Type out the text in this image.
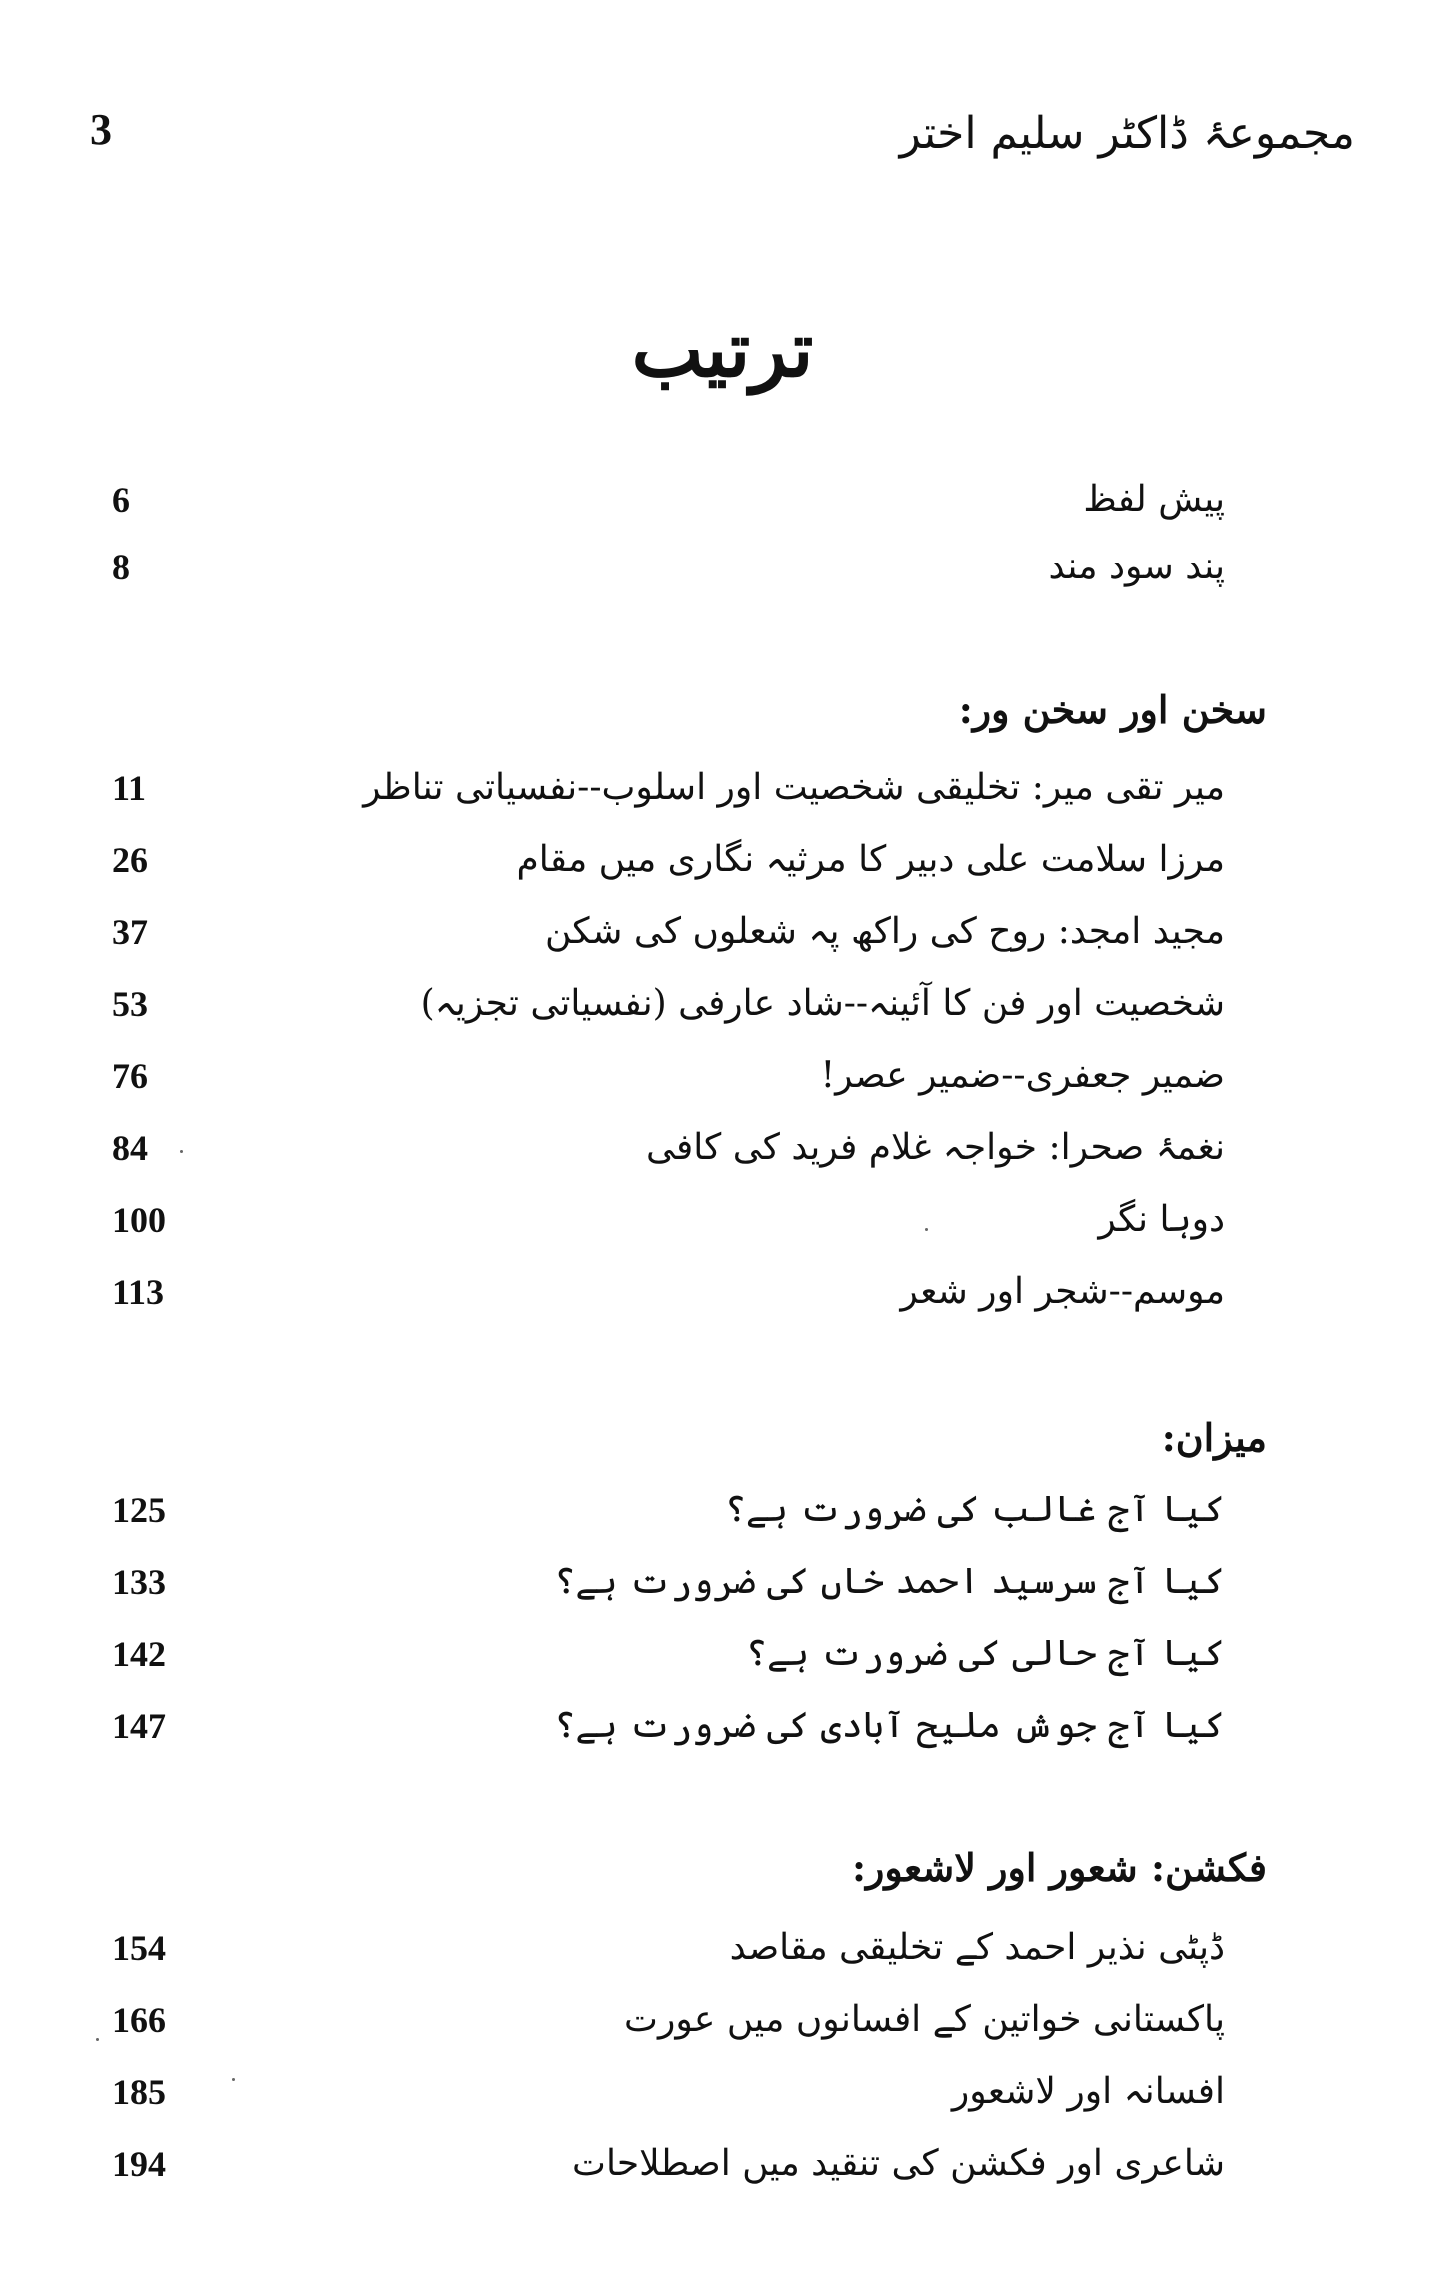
مجموعۂ ڈاکٹر سلیم اختر
3
ترتیب
پیش لفظ
6
پند سود مند
8
سخن اور سخن ور:
میر تقی میر: تخلیقی شخصیت اور اسلوب--نفسیاتی تناظر
11
مرزا سلامت علی دبیر کا مرثیہ نگاری میں مقام
26
مجید امجد: روح کی راکھ پہ شعلوں کی شکن
37
شخصیت اور فن کا آئینہ--شاد عارفی (نفسیاتی تجزیہ)
53
ضمیر جعفری--ضمیر عصر!
76
نغمۂ صحرا: خواجہ غلام فرید کی کافی
84
دوہا نگر
100
موسم--شجر اور شعر
113
میزان:
کیا آج غالب کی ضرورت ہے؟
125
کیا آج سرسید احمد خاں کی ضرورت ہے؟
133
کیا آج حالی کی ضرورت ہے؟
142
کیا آج جوش ملیح آبادی کی ضرورت ہے؟
147
فکشن: شعور اور لاشعور:
ڈپٹی نذیر احمد کے تخلیقی مقاصد
154
پاکستانی خواتین کے افسانوں میں عورت
166
افسانہ اور لاشعور
185
شاعری اور فکشن کی تنقید میں اصطلاحات
194
